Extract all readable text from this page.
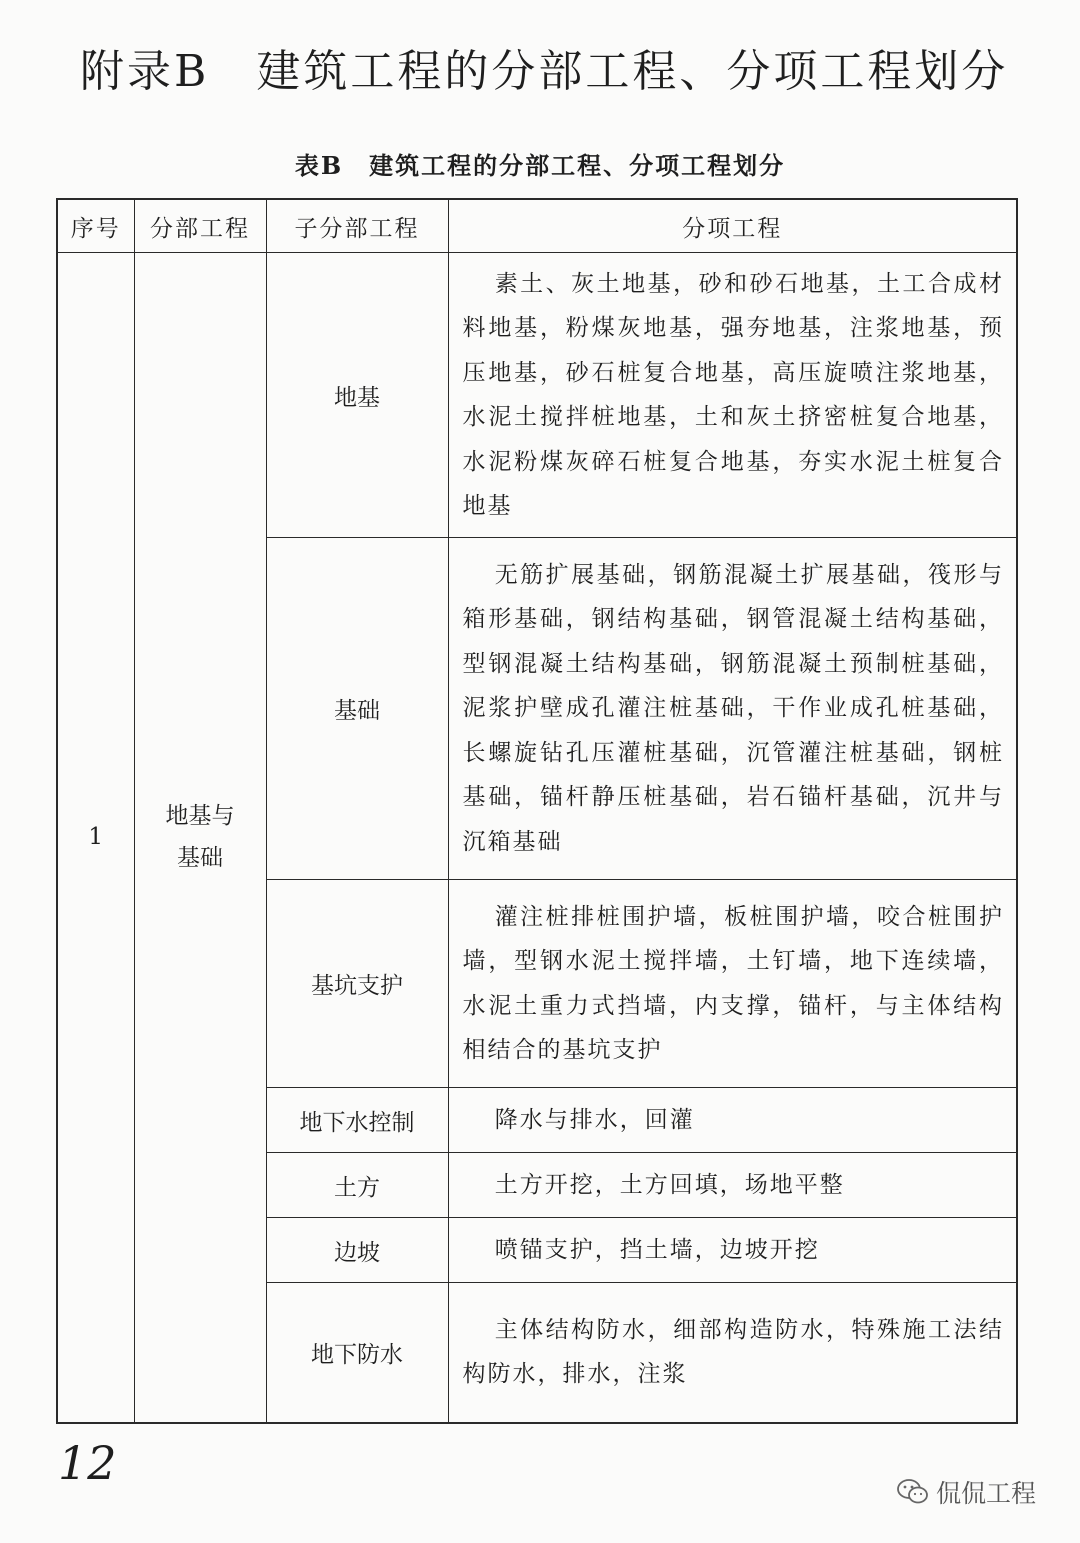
附录B　建筑工程的分部工程、分项工程划分
表B　建筑工程的分部工程、分项工程划分
序号	分部工程	子分部工程	分项工程
1	地基与基础	地基	素土、灰土地基，砂和砂石地基，土工合成材料地基，粉煤灰地基，强夯地基，注浆地基，预压地基，砂石桩复合地基，高压旋喷注浆地基，水泥土搅拌桩地基，土和灰土挤密桩复合地基，水泥粉煤灰碎石桩复合地基，夯实水泥土桩复合地基

		基础	无筋扩展基础，钢筋混凝土扩展基础，筏形与箱形基础，钢结构基础，钢管混凝土结构基础，型钢混凝土结构基础，钢筋混凝土预制桩基础，泥浆护壁成孔灌注桩基础，干作业成孔桩基础，长螺旋钻孔压灌桩基础，沉管灌注桩基础，钢桩基础，锚杆静压桩基础，岩石锚杆基础，沉井与沉箱基础

		基坑支护	灌注桩排桩围护墙，板桩围护墙，咬合桩围护墙，型钢水泥土搅拌墙，土钉墙，地下连续墙，水泥土重力式挡墙，内支撑，锚杆，与主体结构相结合的基坑支护

		地下水控制	降水与排水，回灌

		土方	土方开挖，土方回填，场地平整

		边坡	喷锚支护，挡土墙，边坡开挖

		地下防水	主体结构防水，细部构造防水，特殊施工法结构防水，排水，注浆
12
侃侃工程
